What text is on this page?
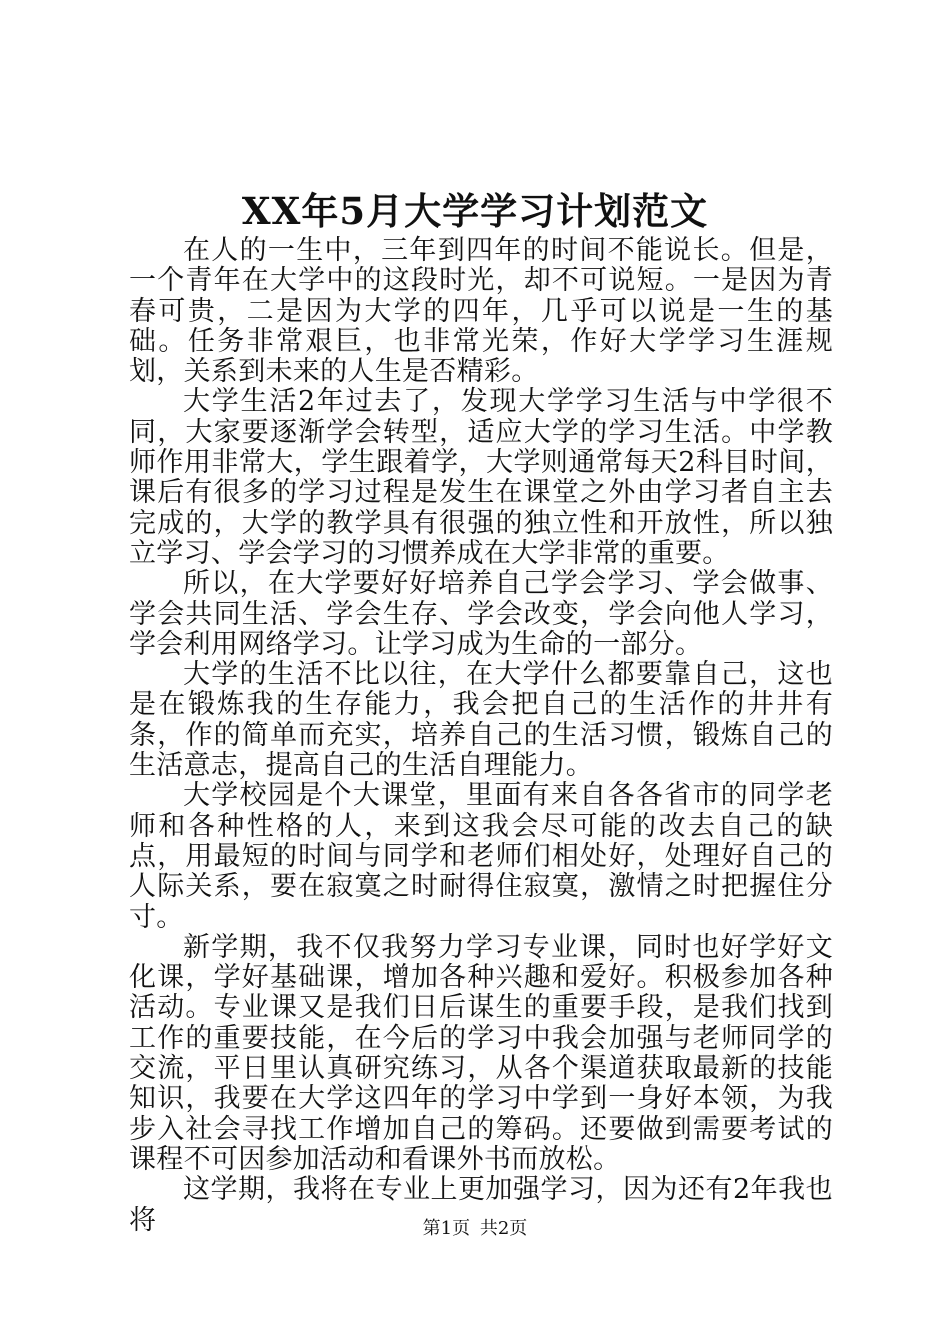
XX年5月大学学习计划范文

在人的一生中，三年到四年的时间不能说长。但是，一个青年在大学中的这段时光，却不可说短。一是因为青春可贵，二是因为大学的四年，几乎可以说是一生的基础。任务非常艰巨，也非常光荣，作好大学学习生涯规划，关系到未来的人生是否精彩。

大学生活2年过去了，发现大学学习生活与中学很不同，大家要逐渐学会转型，适应大学的学习生活。中学教师作用非常大，学生跟着学，大学则通常每天2科目时间，课后有很多的学习过程是发生在课堂之外由学习者自主去完成的，大学的教学具有很强的独立性和开放性，所以独立学习、学会学习的习惯养成在大学非常的重要。

所以，在大学要好好培养自己学会学习、学会做事、学会共同生活、学会生存、学会改变，学会向他人学习，学会利用网络学习。让学习成为生命的一部分。

大学的生活不比以往，在大学什么都要靠自己，这也是在锻炼我的生存能力，我会把自己的生活作的井井有条，作的简单而充实，培养自己的生活习惯，锻炼自己的生活意志，提高自己的生活自理能力。

大学校园是个大课堂，里面有来自各各省市的同学老师和各种性格的人，来到这我会尽可能的改去自己的缺点，用最短的时间与同学和老师们相处好，处理好自己的人际关系，要在寂寞之时耐得住寂寞，激情之时把握住分寸。

新学期，我不仅我努力学习专业课，同时也好学好文化课，学好基础课，增加各种兴趣和爱好。积极参加各种活动。专业课又是我们日后谋生的重要手段，是我们找到工作的重要技能，在今后的学习中我会加强与老师同学的交流，平日里认真研究练习，从各个渠道获取最新的技能知识，我要在大学这四年的学习中学到一身好本领，为我步入社会寻找工作增加自己的筹码。还要做到需要考试的课程不可因参加活动和看课外书而放松。

这学期，我将在专业上更加强学习，因为还有2年我也将	第1页 共2页
